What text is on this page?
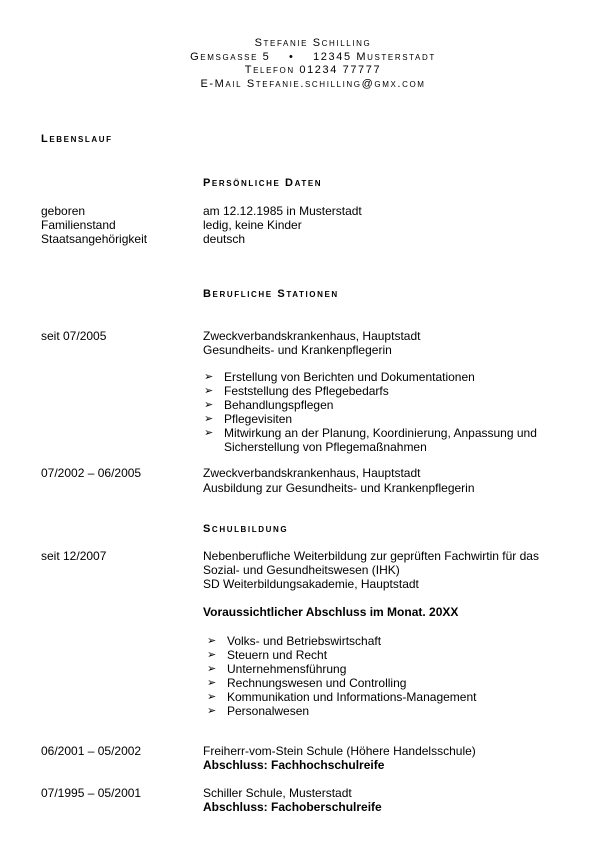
Stefanie Schilling
Gemsgasse 5 • 12345 Musterstadt
Telefon 01234 77777
E-Mail Stefanie.schilling@gmx.com
Lebenslauf
Persönliche Daten
geboren	am 12.12.1985 in Musterstadt
Familienstand	ledig, keine Kinder
Staatsangehörigkeit	deutsch
Berufliche Stationen
seit 07/2005	Zweckverbandskrankenhaus, Hauptstadt
Gesundheits- und Krankenpflegerin
➢ Erstellung von Berichten und Dokumentationen
➢ Feststellung des Pflegebedarfs
➢ Behandlungspflegen
➢ Pflegevisiten
➢ Mitwirkung an der Planung, Koordinierung, Anpassung und
Sicherstellung von Pflegemaßnahmen
07/2002 – 06/2005	Zweckverbandskrankenhaus, Hauptstadt
Ausbildung zur Gesundheits- und Krankenpflegerin
Schulbildung
seit 12/2007	Nebenberufliche Weiterbildung zur geprüften Fachwirtin für das
Sozial- und Gesundheitswesen (IHK)
SD Weiterbildungsakademie, Hauptstadt
Voraussichtlicher Abschluss im Monat. 20XX
➢ Volks- und Betriebswirtschaft
➢ Steuern und Recht
➢ Unternehmensführung
➢ Rechnungswesen und Controlling
➢ Kommunikation und Informations-Management
➢ Personalwesen
06/2001 – 05/2002	Freiherr-vom-Stein Schule (Höhere Handelsschule)
Abschluss: Fachhochschulreife
07/1995 – 05/2001	Schiller Schule, Musterstadt
Abschluss: Fachoberschulreife
